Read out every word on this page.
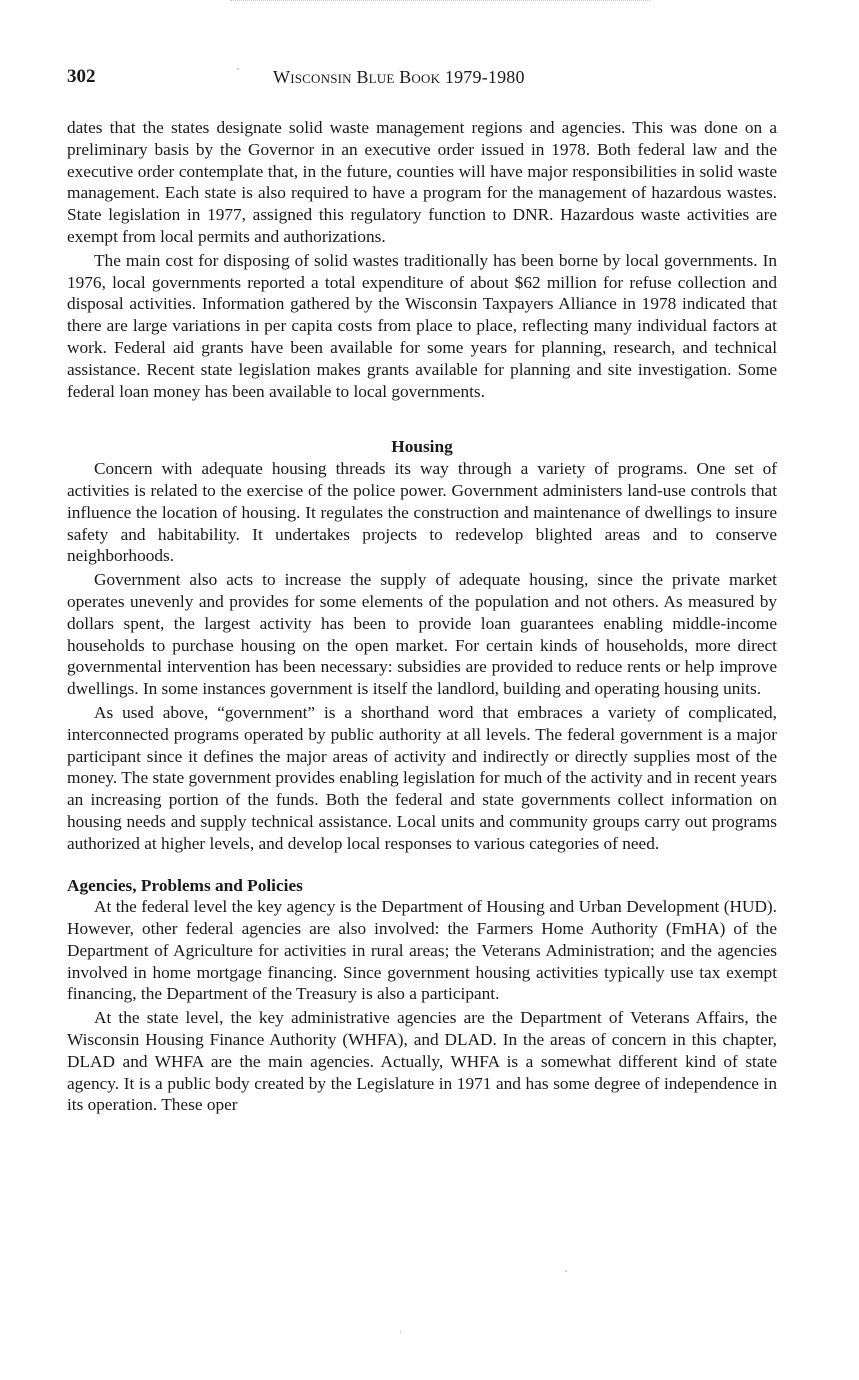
302	Wisconsin Blue Book 1979-1980

dates that the states designate solid waste management regions and agencies. This was done on a preliminary basis by the Governor in an executive order issued in 1978. Both federal law and the executive order contemplate that, in the future, counties will have major responsibilities in solid waste management. Each state is also required to have a program for the management of hazardous wastes. State legislation in 1977, assigned this regulatory function to DNR. Hazardous waste activities are exempt from local permits and authorizations.

The main cost for disposing of solid wastes traditionally has been borne by local governments. In 1976, local governments reported a total expenditure of about $62 million for refuse collection and disposal activities. Information gathered by the Wisconsin Taxpayers Alliance in 1978 indicated that there are large variations in per capita costs from place to place, reflecting many individual factors at work. Federal aid grants have been available for some years for planning, research, and technical assistance. Recent state legislation makes grants available for planning and site investigation. Some federal loan money has been available to local governments.

Housing

Concern with adequate housing threads its way through a variety of programs. One set of activities is related to the exercise of the police power. Government administers land-use controls that influence the location of housing. It regulates the construction and maintenance of dwellings to insure safety and habitability. It undertakes projects to redevelop blighted areas and to conserve neighborhoods.

Government also acts to increase the supply of adequate housing, since the private market operates unevenly and provides for some elements of the population and not others. As measured by dollars spent, the largest activity has been to provide loan guarantees enabling middle-income households to purchase housing on the open market. For certain kinds of households, more direct governmental intervention has been necessary: subsidies are provided to reduce rents or help improve dwellings. In some instances government is itself the landlord, building and operating housing units.

As used above, “government” is a shorthand word that embraces a variety of complicated, interconnected programs operated by public authority at all levels. The federal government is a major participant since it defines the major areas of activity and indirectly or directly supplies most of the money. The state government provides enabling legislation for much of the activity and in recent years an increasing portion of the funds. Both the federal and state governments collect information on housing needs and supply technical assistance. Local units and community groups carry out programs authorized at higher levels, and develop local responses to various categories of need.

Agencies, Problems and Policies

At the federal level the key agency is the Department of Housing and Urban Development (HUD). However, other federal agencies are also involved: the Farmers Home Authority (FmHA) of the Department of Agriculture for activities in rural areas; the Veterans Administration; and the agencies involved in home mortgage financing. Since government housing activities typically use tax exempt financing, the Department of the Treasury is also a participant.

At the state level, the key administrative agencies are the Department of Veterans Affairs, the Wisconsin Housing Finance Authority (WHFA), and DLAD. In the areas of concern in this chapter, DLAD and WHFA are the main agencies. Actually, WHFA is a somewhat different kind of state agency. It is a public body created by the Legislature in 1971 and has some degree of independence in its operation. These oper
